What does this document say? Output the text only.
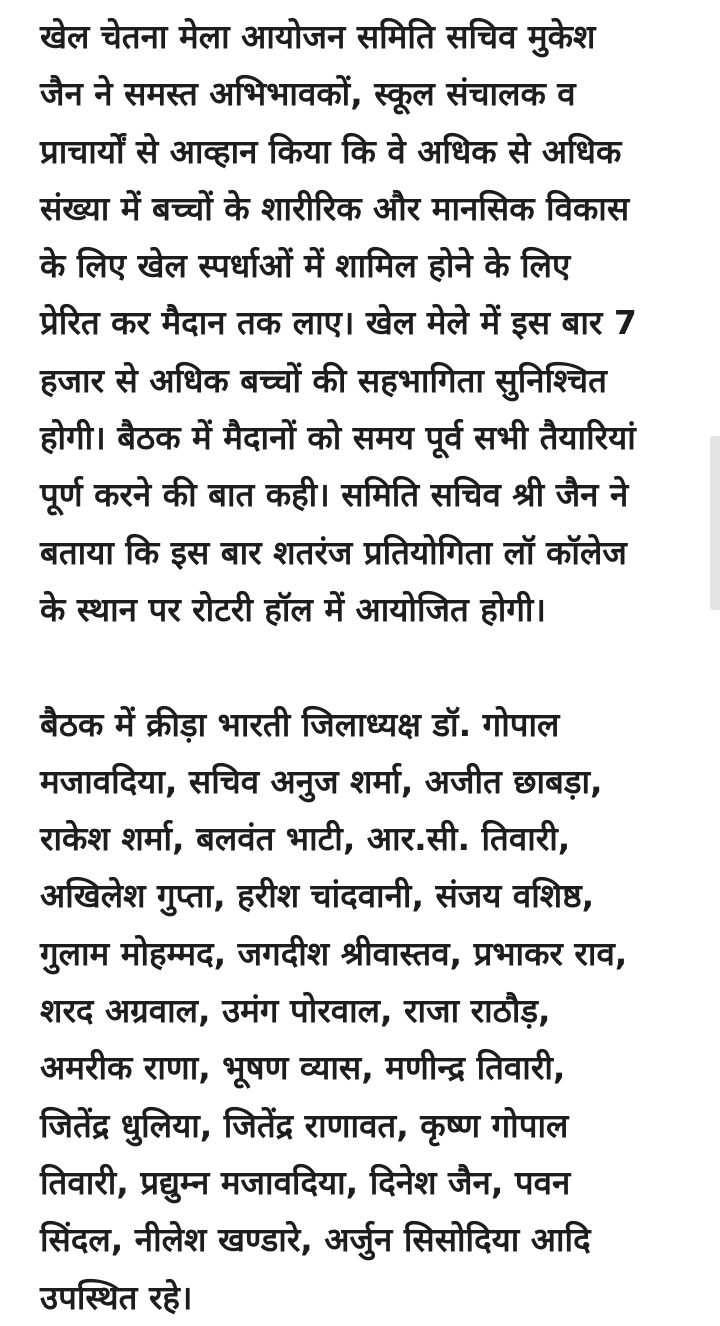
खेल चेतना मेला आयोजन समिति सचिव मुकेश
जैन ने समस्त अभिभावकों, स्कूल संचालक व
प्राचार्यों से आव्हान किया कि वे अधिक से अधिक
संख्या में बच्चों के शारीरिक और मानसिक विकास
के लिए खेल स्पर्धाओं में शामिल होने के लिए
प्रेरित कर मैदान तक लाए। खेल मेले में इस बार 7
हजार से अधिक बच्चों की सहभागिता सुनिश्चित
होगी। बैठक में मैदानों को समय पूर्व सभी तैयारियां
पूर्ण करने की बात कही। समिति सचिव श्री जैन ने
बताया कि इस बार शतरंज प्रतियोगिता लॉ कॉलेज
के स्थान पर रोटरी हॉल में आयोजित होगी।
बैठक में क्रीड़ा भारती जिलाध्यक्ष डॉ. गोपाल
मजावदिया, सचिव अनुज शर्मा, अजीत छाबड़ा,
राकेश शर्मा, बलवंत भाटी, आर.सी. तिवारी,
अखिलेश गुप्ता, हरीश चांदवानी, संजय वशिष्ठ,
गुलाम मोहम्मद, जगदीश श्रीवास्तव, प्रभाकर राव,
शरद अग्रवाल, उमंग पोरवाल, राजा राठौड़,
अमरीक राणा, भूषण व्यास, मणीन्द्र तिवारी,
जितेंद्र धुलिया, जितेंद्र राणावत, कृष्ण गोपाल
तिवारी, प्रद्युम्न मजावदिया, दिनेश जैन, पवन
सिंदल, नीलेश खण्डारे, अर्जुन सिसोदिया आदि
उपस्थित रहे।
